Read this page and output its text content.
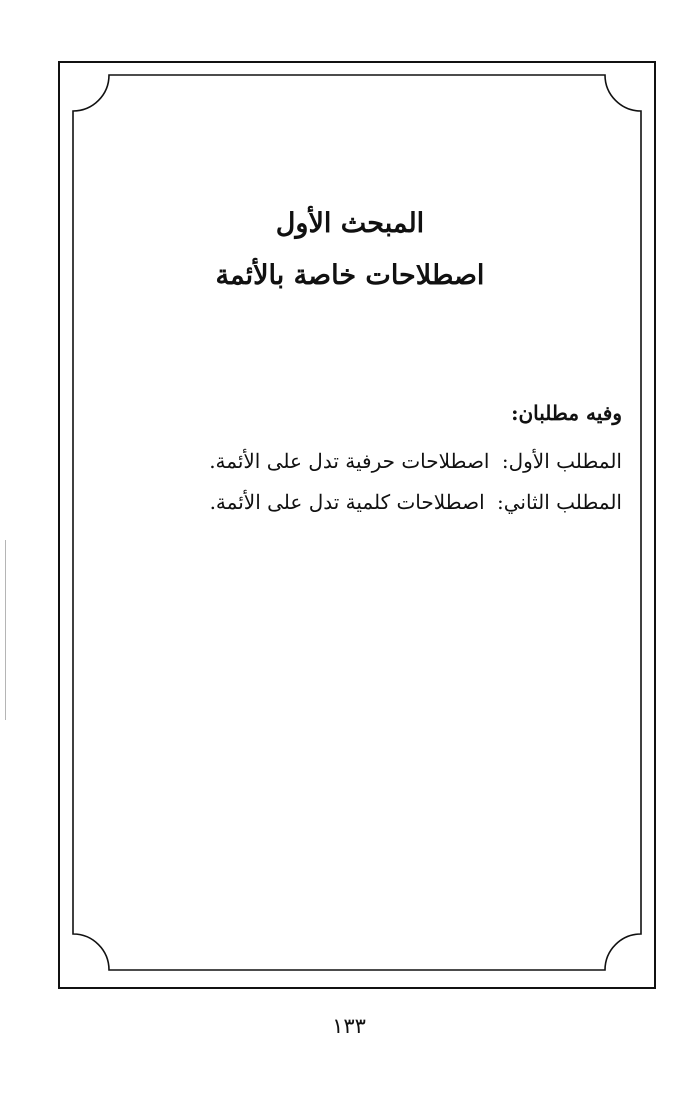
المبحث الأول
اصطلاحات خاصة بالأئمة
وفيه مطلبان:
المطلب الأول: اصطلاحات حرفية تدل على الأئمة.
المطلب الثاني: اصطلاحات كلمية تدل على الأئمة.
١٣٣
